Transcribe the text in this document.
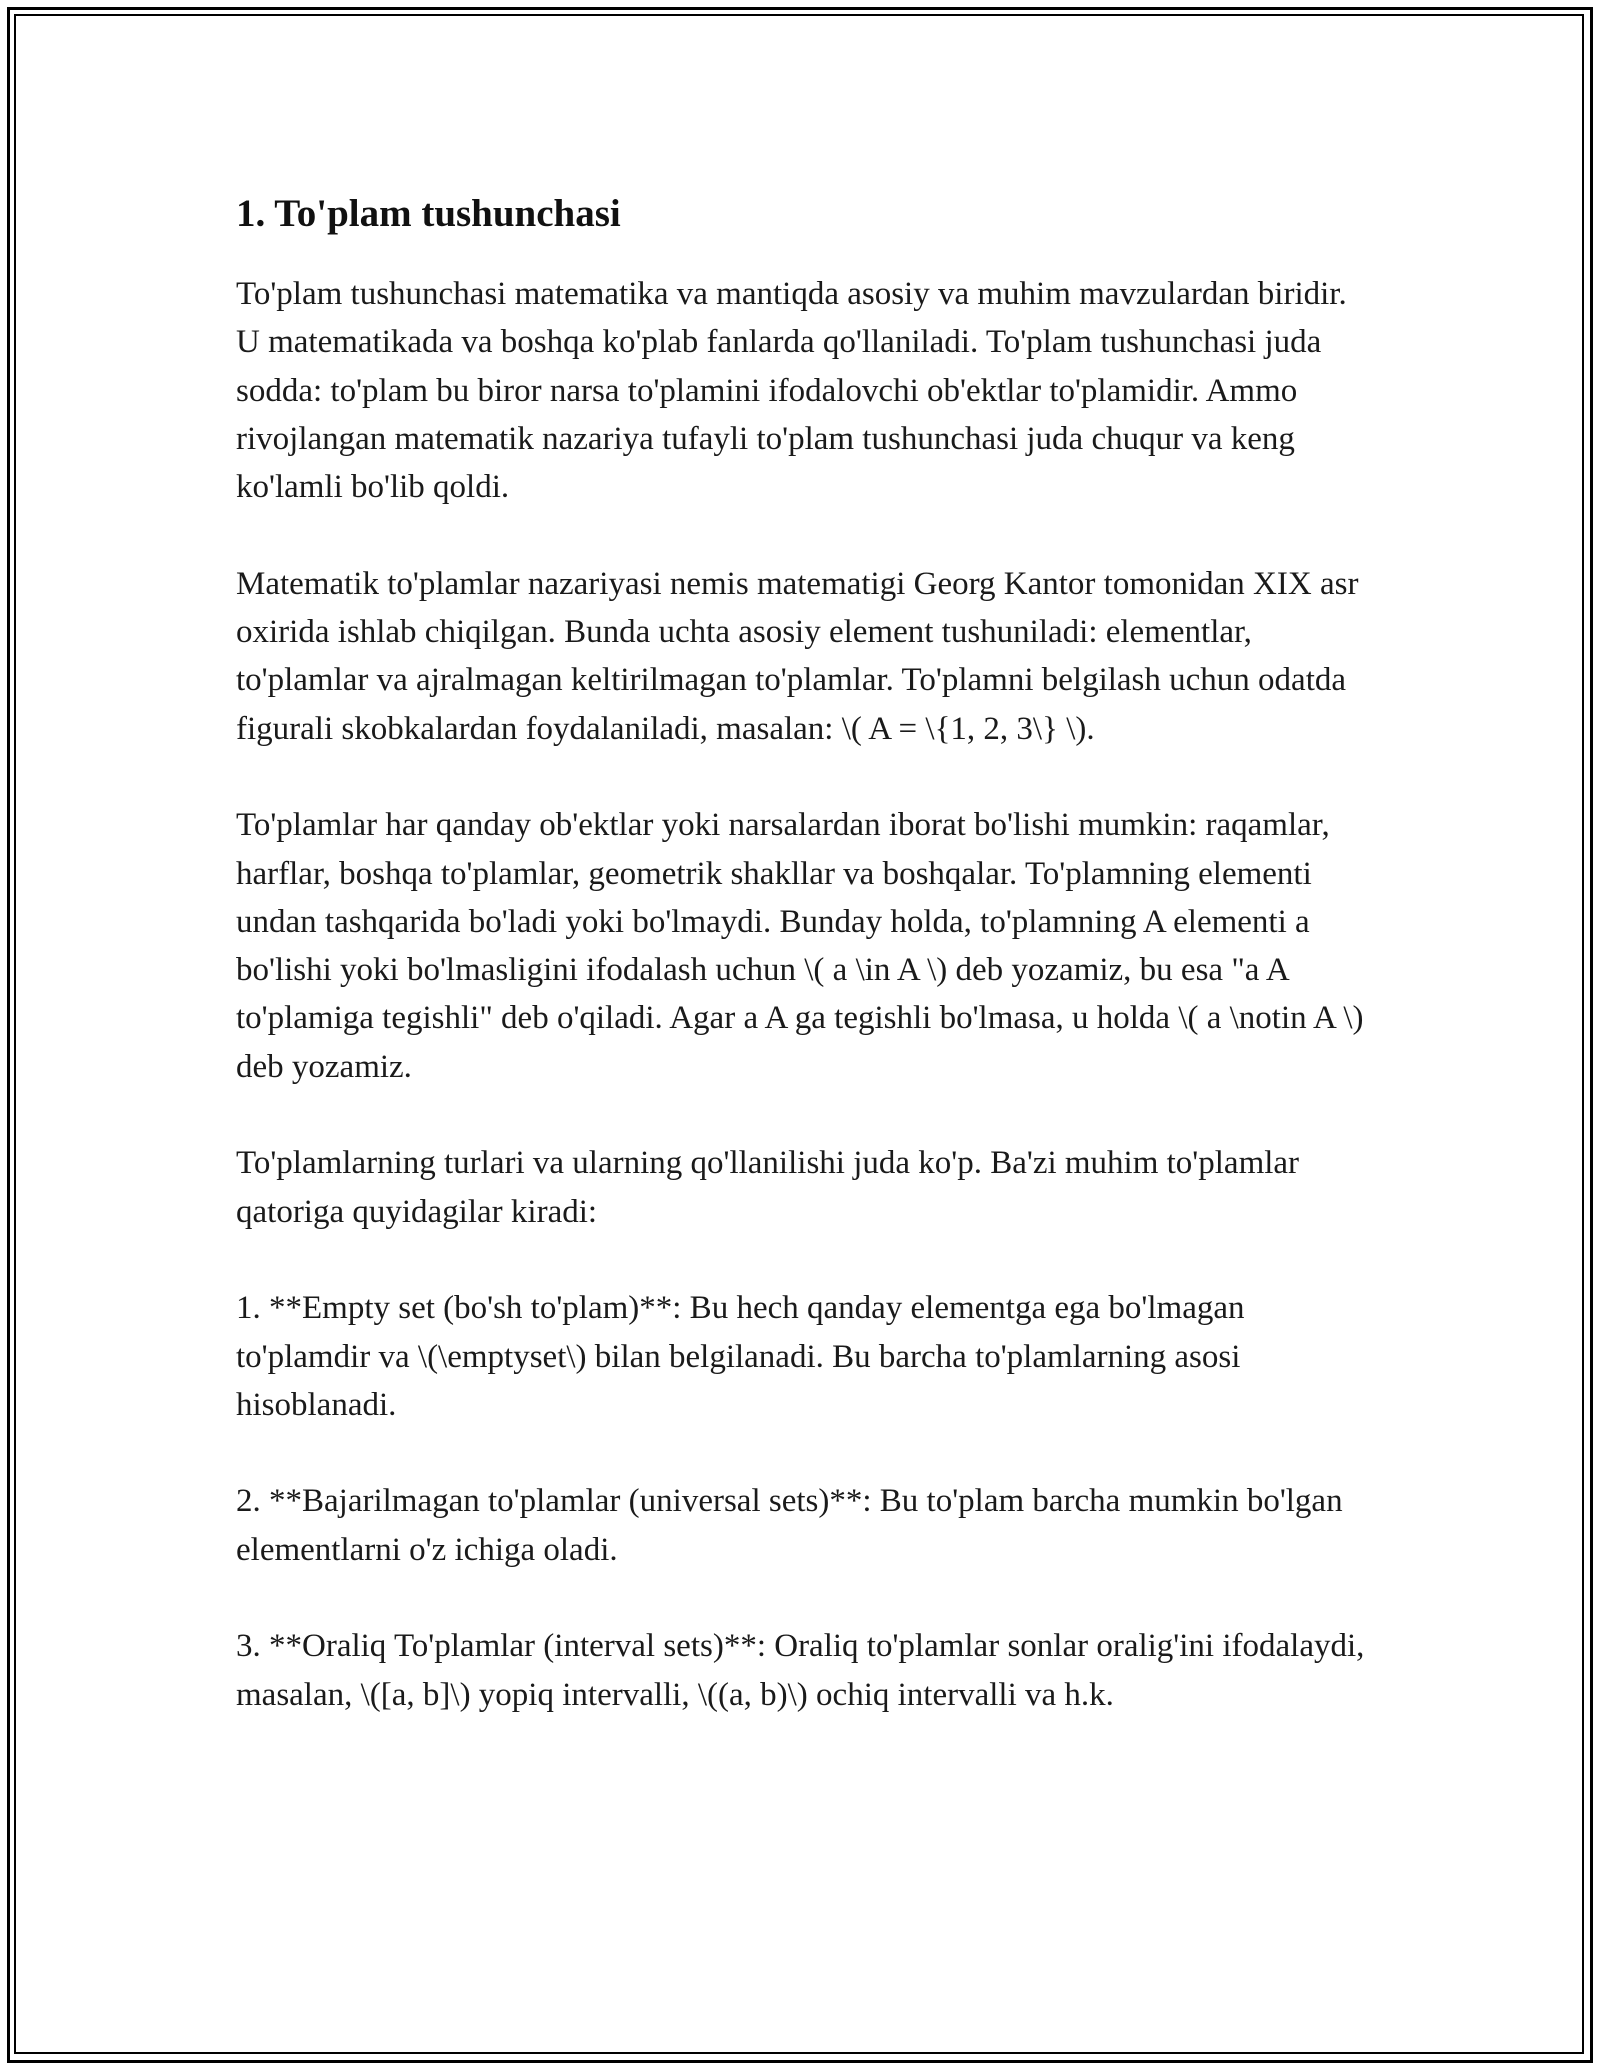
1. To'plam tushunchasi

To'plam tushunchasi matematika va mantiqda asosiy va muhim mavzulardan biridir. U matematikada va boshqa ko'plab fanlarda qo'llaniladi. To'plam tushunchasi juda sodda: to'plam bu biror narsa to'plamini ifodalovchi ob'ektlar to'plamidir. Ammo rivojlangan matematik nazariya tufayli to'plam tushunchasi juda chuqur va keng ko'lamli bo'lib qoldi.

Matematik to'plamlar nazariyasi nemis matematigi Georg Kantor tomonidan XIX asr oxirida ishlab chiqilgan. Bunda uchta asosiy element tushuniladi: elementlar, to'plamlar va ajralmagan keltirilmagan to'plamlar. To'plamni belgilash uchun odatda figurali skobkalardan foydalaniladi, masalan: \( A = \{1, 2, 3\} \).

To'plamlar har qanday ob'ektlar yoki narsalardan iborat bo'lishi mumkin: raqamlar, harflar, boshqa to'plamlar, geometrik shakllar va boshqalar. To'plamning elementi undan tashqarida bo'ladi yoki bo'lmaydi. Bunday holda, to'plamning A elementi a bo'lishi yoki bo'lmasligini ifodalash uchun \( a \in A \) deb yozamiz, bu esa "a A to'plamiga tegishli" deb o'qiladi. Agar a A ga tegishli bo'lmasa, u holda \( a \notin A \) deb yozamiz.

To'plamlarning turlari va ularning qo'llanilishi juda ko'p. Ba'zi muhim to'plamlar qatoriga quyidagilar kiradi:

1. **Empty set (bo'sh to'plam)**: Bu hech qanday elementga ega bo'lmagan to'plamdir va \(\emptyset\) bilan belgilanadi. Bu barcha to'plamlarning asosi hisoblanadi.

2. **Bajarilmagan to'plamlar (universal sets)**: Bu to'plam barcha mumkin bo'lgan elementlarni o'z ichiga oladi.

3. **Oraliq To'plamlar (interval sets)**: Oraliq to'plamlar sonlar oralig'ini ifodalaydi, masalan, \([a, b]\) yopiq intervalli, \((a, b)\) ochiq intervalli va h.k.
